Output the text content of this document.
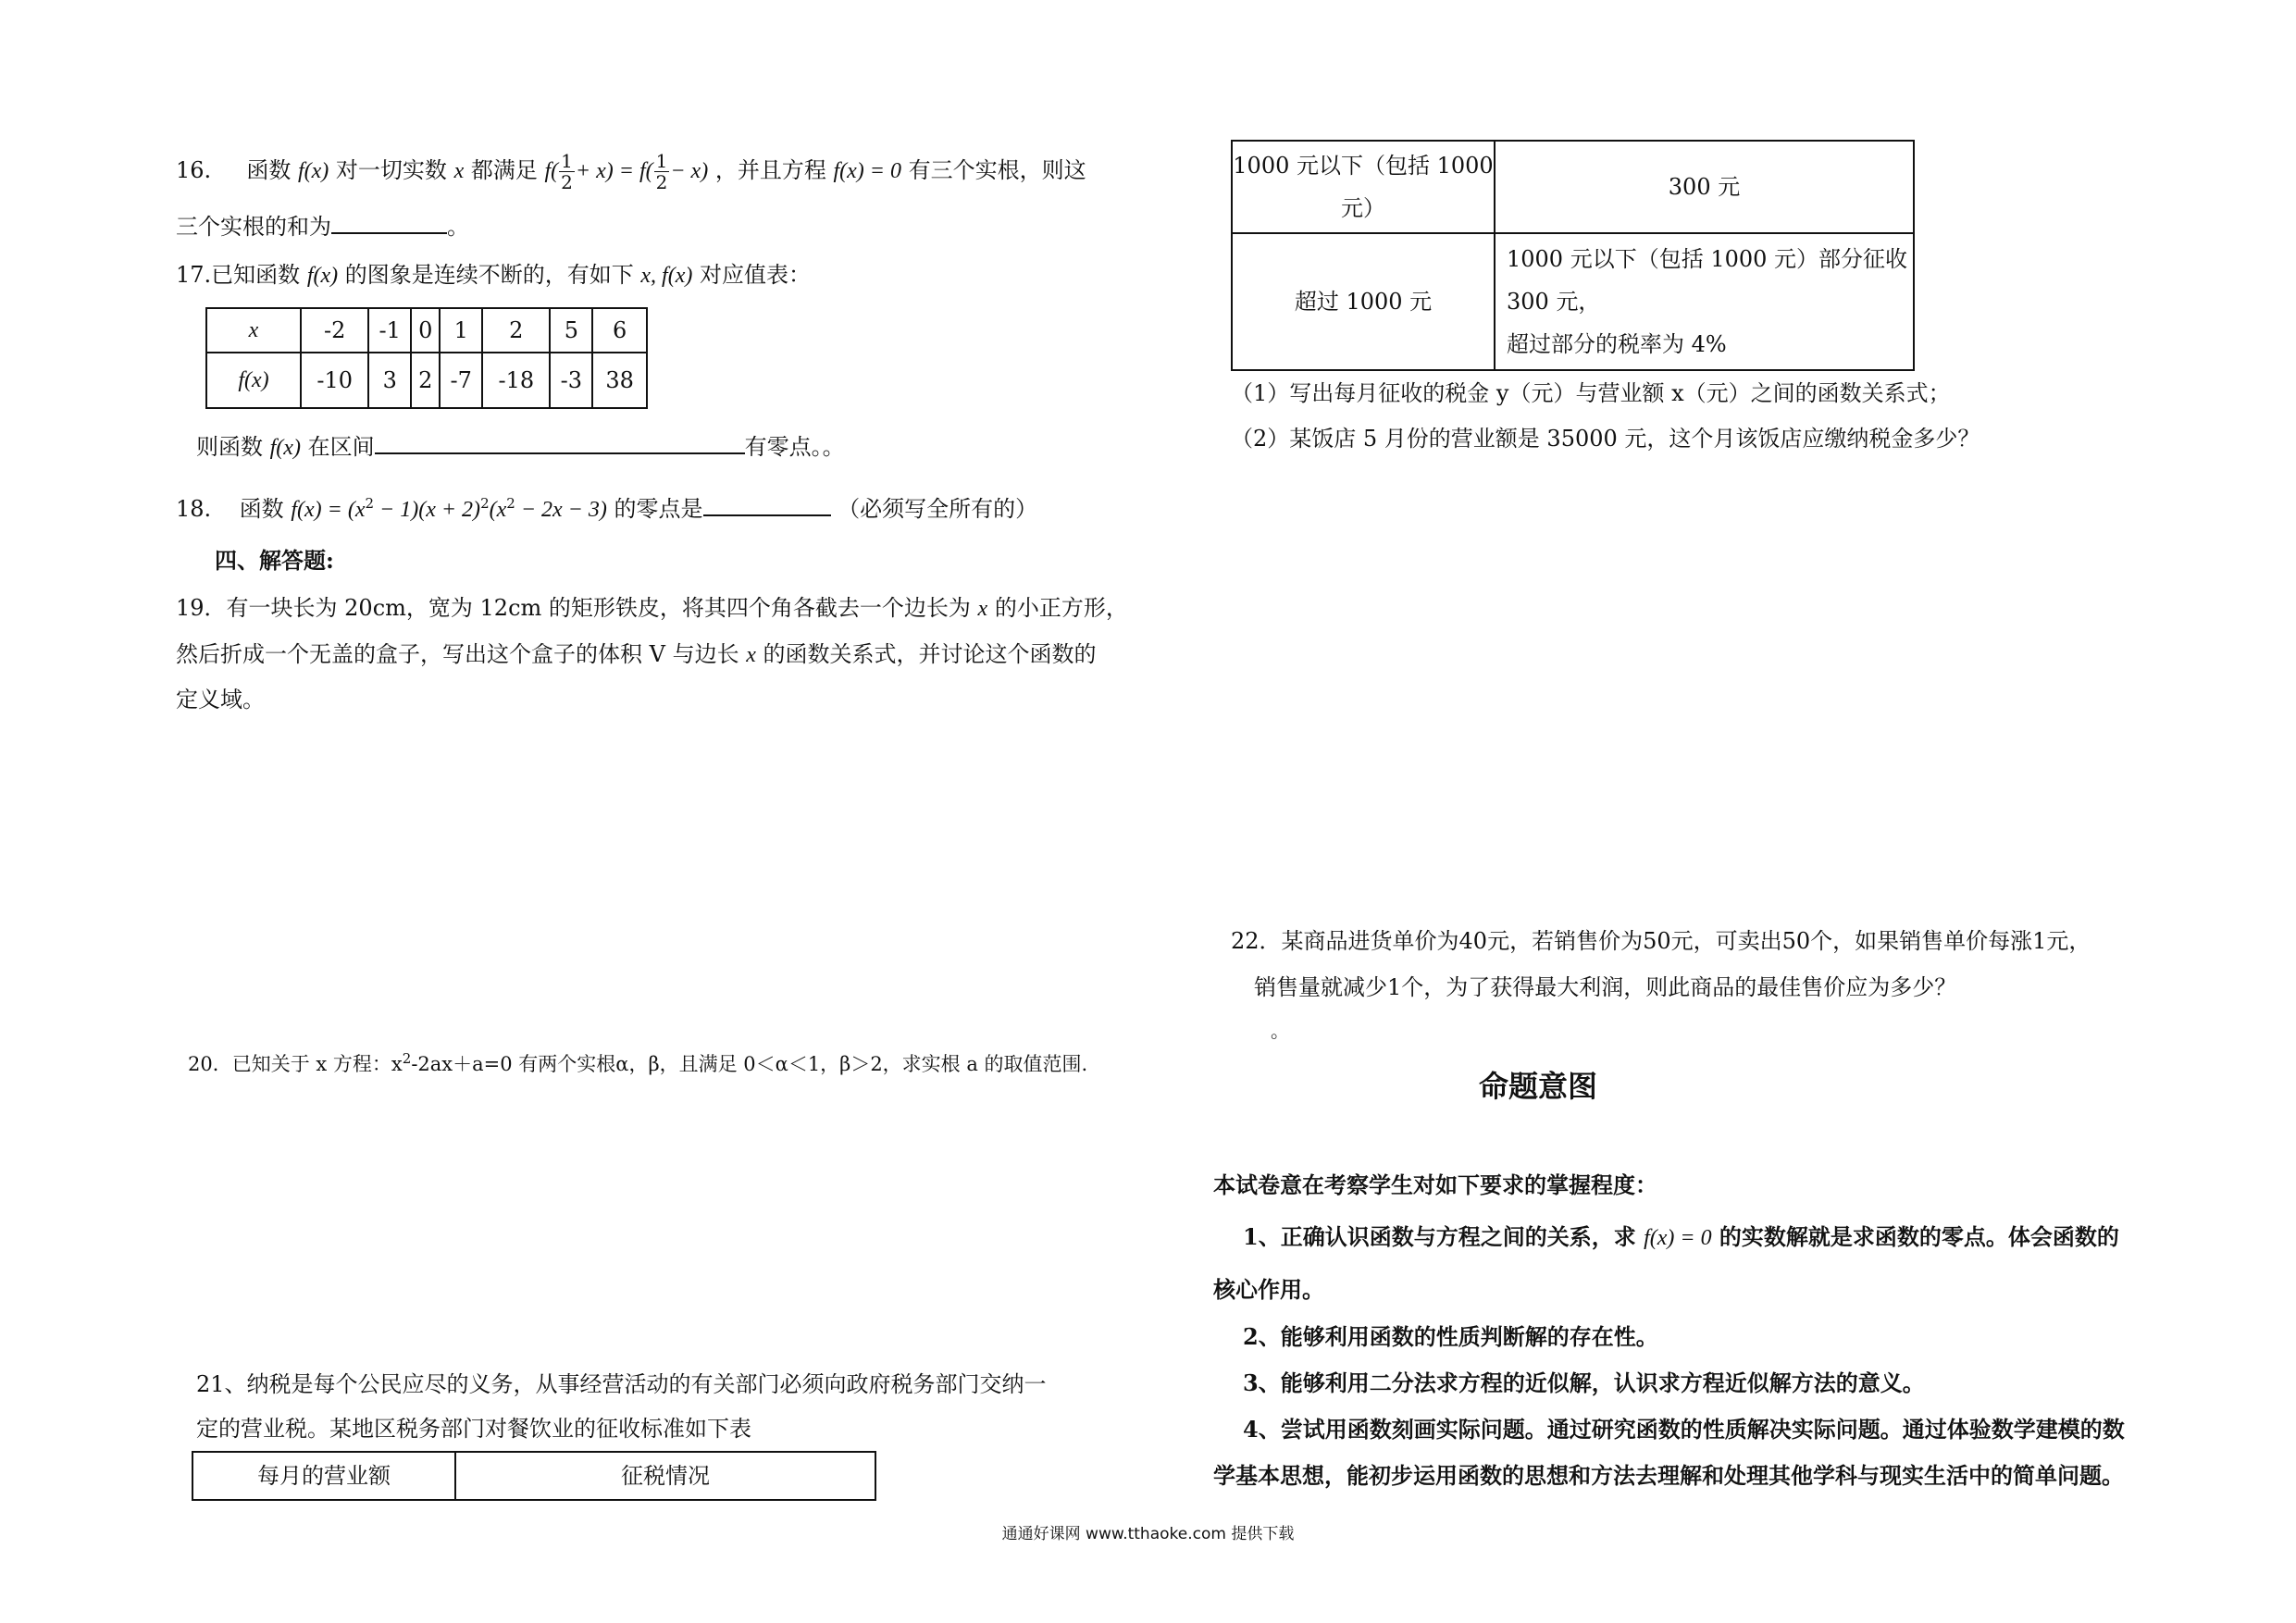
16. 函数 f(x) 对一切实数 x 都满足 $f( \frac{1}{2} + x) = f( \frac{1}{2} - x)$ ，并且方程 f(x) = 0 有三个实根，则这
三个实根的和为	。
17.已知函数 f(x) 的图象是连续不断的，有如下 x, f(x) 对应值表：
x	-2	-1	0	1	2	5	6
f(x)	-10	3	2	-7	-18	-3	38
则函数 f(x) 在区间	有零点。。
18. 函数 $f(x) = (x^2 - 1)(x + 2)^2(x^2 - 2x - 3)$ 的零点是	（必须写全所有的）
四、解答题:
19．有一块长为 20cm，宽为 12cm 的矩形铁皮，将其四个角各截去一个边长为 x 的小正方形，
然后折成一个无盖的盒子，写出这个盒子的体积 V 与边长 x 的函数关系式，并讨论这个函数的
定义域。
20．已知关于 x 方程：$x^2-2ax+a=0$ 有两个实根α，β，且满足 0＜α＜1，β＞2，求实根 a 的取值范围.
21、纳税是每个公民应尽的义务，从事经营活动的有关部门必须向政府税务部门交纳一
定的营业税。某地区税务部门对餐饮业的征收标准如下表
每月的营业额	征税情况
1000 元以下（包括 1000
元）	300 元
超过 1000 元	1000 元以下（包括 1000 元）部分征收
300 元，
超过部分的税率为 4%
（1）写出每月征收的税金 y（元）与营业额 x（元）之间的函数关系式；
（2）某饭店 5 月份的营业额是 35000 元，这个月该饭店应缴纳税金多少？
22．某商品进货单价为40元，若销售价为50元，可卖出50个，如果销售单价每涨1元，
销售量就减少1个，为了获得最大利润，则此商品的最佳售价应为多少？
。
命题意图
本试卷意在考察学生对如下要求的掌握程度：
1、正确认识函数与方程之间的关系，求 f(x) = 0 的实数解就是求函数的零点。体会函数的
核心作用。
2、能够利用函数的性质判断解的存在性。
3、能够利用二分法求方程的近似解，认识求方程近似解方法的意义。
4、尝试用函数刻画实际问题。通过研究函数的性质解决实际问题。通过体验数学建模的数
学基本思想，能初步运用函数的思想和方法去理解和处理其他学科与现实生活中的简单问题。
通通好课网 www.tthaoke.com 提供下载
